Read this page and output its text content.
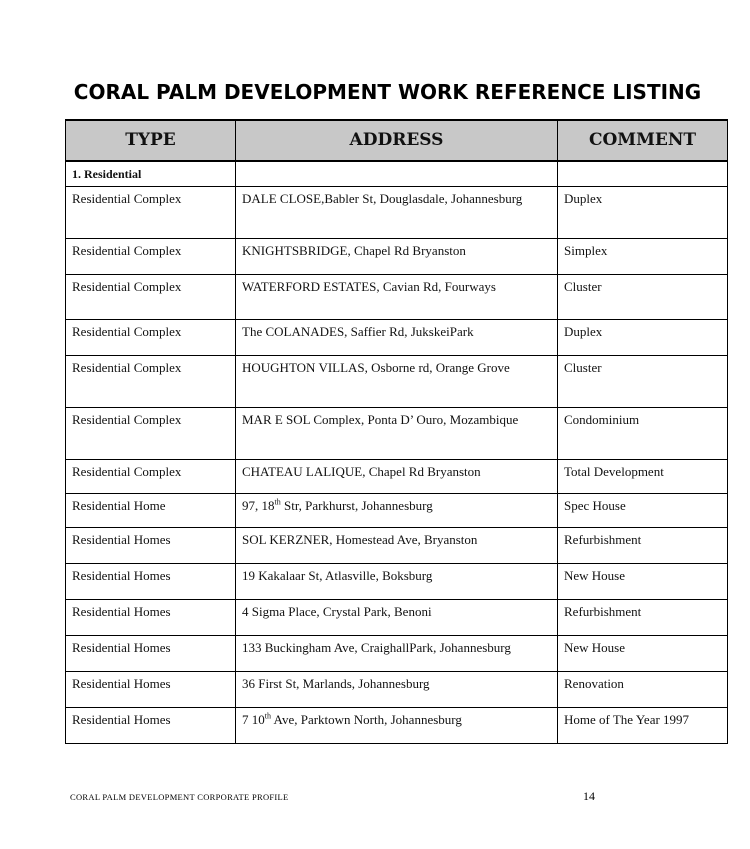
CORAL PALM DEVELOPMENT WORK REFERENCE LISTING
TYPE	ADDRESS	COMMENT
1. Residential		
Residential Complex	DALE CLOSE,Babler St, Douglasdale, Johannesburg	Duplex
Residential Complex	KNIGHTSBRIDGE, Chapel Rd Bryanston	Simplex
Residential Complex	WATERFORD ESTATES, Cavian Rd, Fourways	Cluster
Residential Complex	The COLANADES, Saffier Rd, JukskeiPark	Duplex
Residential Complex	HOUGHTON VILLAS, Osborne rd, Orange Grove	Cluster
Residential Complex	MAR E SOL Complex, Ponta D’ Ouro, Mozambique	Condominium
Residential Complex	CHATEAU LALIQUE, Chapel Rd Bryanston	Total Development
Residential Home	97, 18th Str, Parkhurst, Johannesburg	Spec House
Residential Homes	SOL KERZNER, Homestead Ave, Bryanston	Refurbishment
Residential Homes	19 Kakalaar St, Atlasville, Boksburg	New House
Residential Homes	4 Sigma Place, Crystal Park, Benoni	Refurbishment
Residential Homes	133 Buckingham Ave, CraighallPark, Johannesburg	New House
Residential Homes	36 First St, Marlands, Johannesburg	Renovation
Residential Homes	7 10th Ave, Parktown North, Johannesburg	Home of The Year 1997
CORAL PALM DEVELOPMENT CORPORATE PROFILE	14
